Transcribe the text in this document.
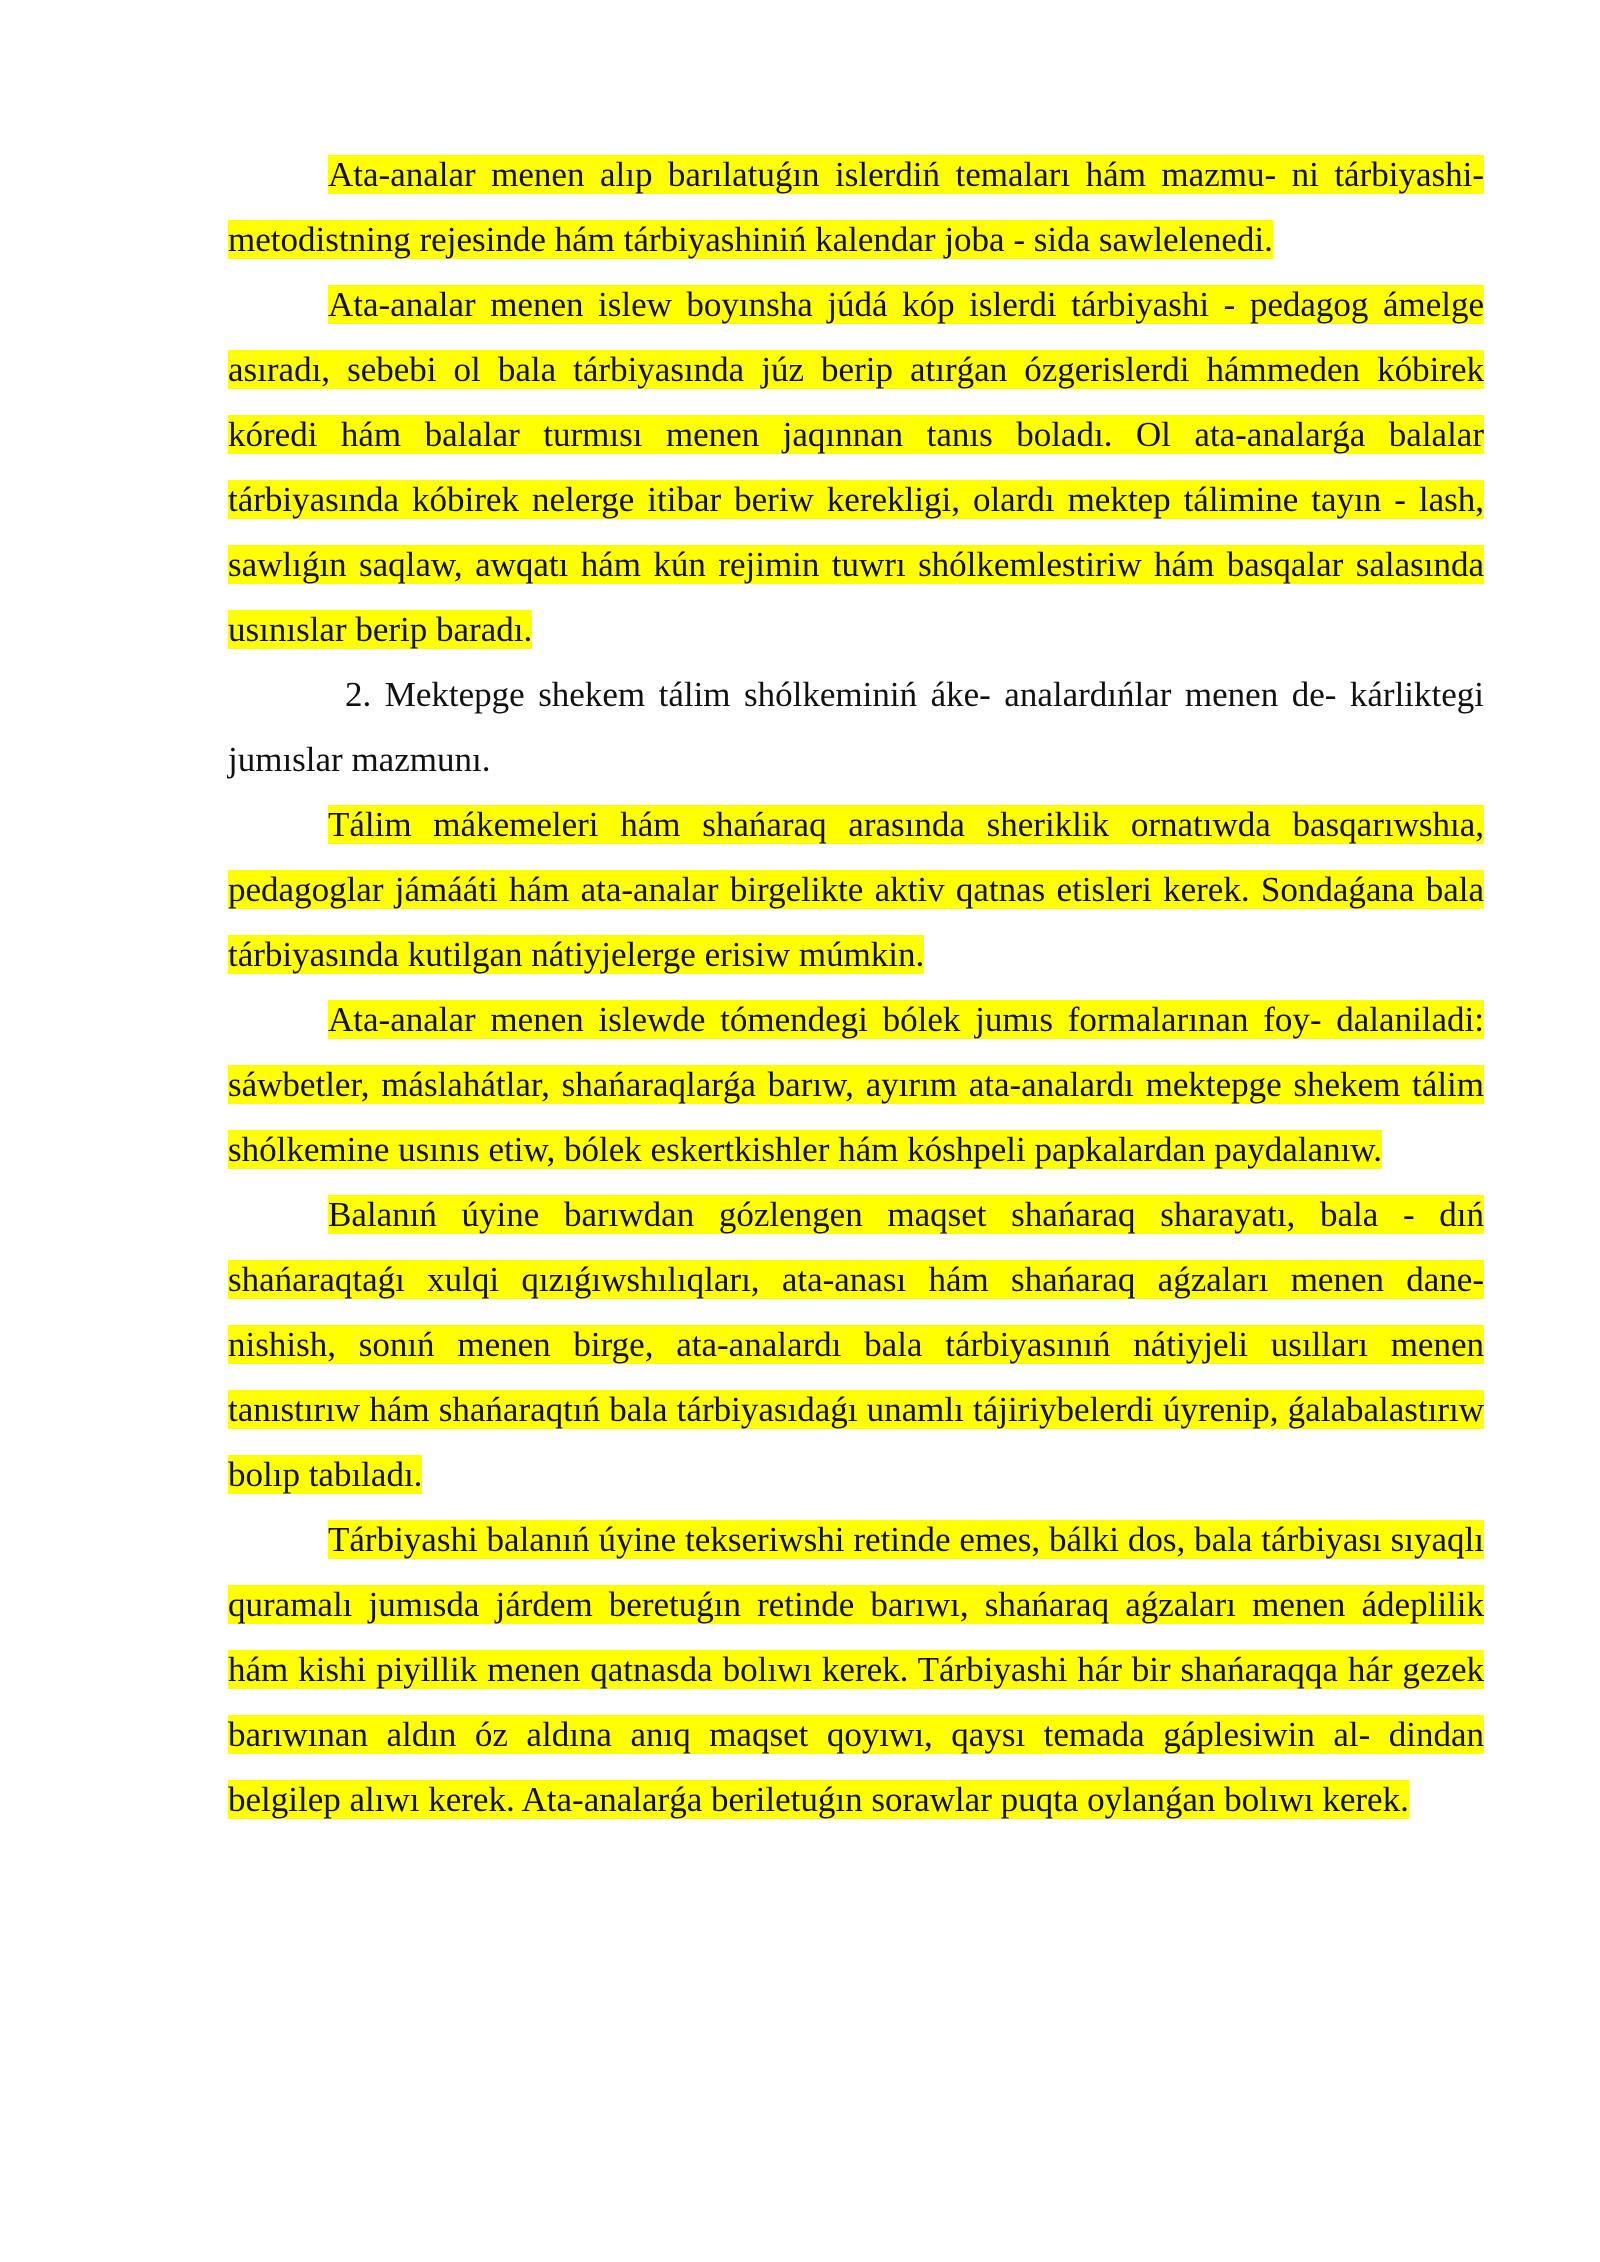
Ata-analar menen alıp barılatuǵın islerdiń temaları hám mazmu- ni tárbiyashi-metodistning rejesinde hám tárbiyashiniń kalendar joba - sida sawlelenedi.

Ata-analar menen islew boyınsha júdá kóp islerdi tárbiyashi - pedagog ámelge asıradı, sebebi ol bala tárbiyasında júz berip atırǵan ózgerislerdi hámmeden kóbirek kóredi hám balalar turmısı menen jaqınnan tanıs boladı. Ol ata-analarǵa balalar tárbiyasında kóbirek nelerge itibar beriw kerekligi, olardı mektep tálimine tayın - lash, sawlıǵın saqlaw, awqatı hám kún rejimin tuwrı shólkemlestiriw hám basqalar salasında usınıslar berip baradı.

2. Mektepge shekem tálim shólkeminiń áke- analardıńlar menen de- kárliktegi jumıslar mazmunı.

Tálim mákemeleri hám shańaraq arasında sheriklik ornatıwda basqarıwshıa, pedagoglar jámááti hám ata-analar birgelikte aktiv qatnas etisleri kerek. Sondaǵana bala tárbiyasında kutilgan nátiyjelerge erisiw múmkin.

Ata-analar menen islewde tómendegi bólek jumıs formalarınan foy- dalaniladi: sáwbetler, máslahátlar, shańaraqlarǵa barıw, ayırım ata-analardı mektepge shekem tálim shólkemine usınıs etiw, bólek eskertkishler hám kóshpeli papkalardan paydalanıw.

Balanıń úyine barıwdan gózlengen maqset shańaraq sharayatı, bala - dıń shańaraqtaǵı xulqi qızıǵıwshılıqları, ata-anası hám shańaraq aǵzaları menen dane- nishish, sonıń menen birge, ata-analardı bala tárbiyasınıń nátiyjeli usılları menen tanıstırıw hám shańaraqtıń bala tárbiyasıdaǵı unamlı tájiriybelerdi úyrenip, ǵalabalastırıw bolıp tabıladı.

Tárbiyashi balanıń úyine tekseriwshi retinde emes, bálki dos, bala tárbiyası sıyaqlı quramalı jumısda járdem beretuǵın retinde barıwı, shańaraq aǵzaları menen ádeplilik hám kishi piyillik menen qatnasda bolıwı kerek. Tárbiyashi hár bir shańaraqqa hár gezek barıwınan aldın óz aldına anıq maqset qoyıwı, qaysı temada gáplesiwin al- dindan belgilep alıwı kerek. Ata-analarǵa beriletuǵın sorawlar puqta oylanǵan bolıwı kerek.
